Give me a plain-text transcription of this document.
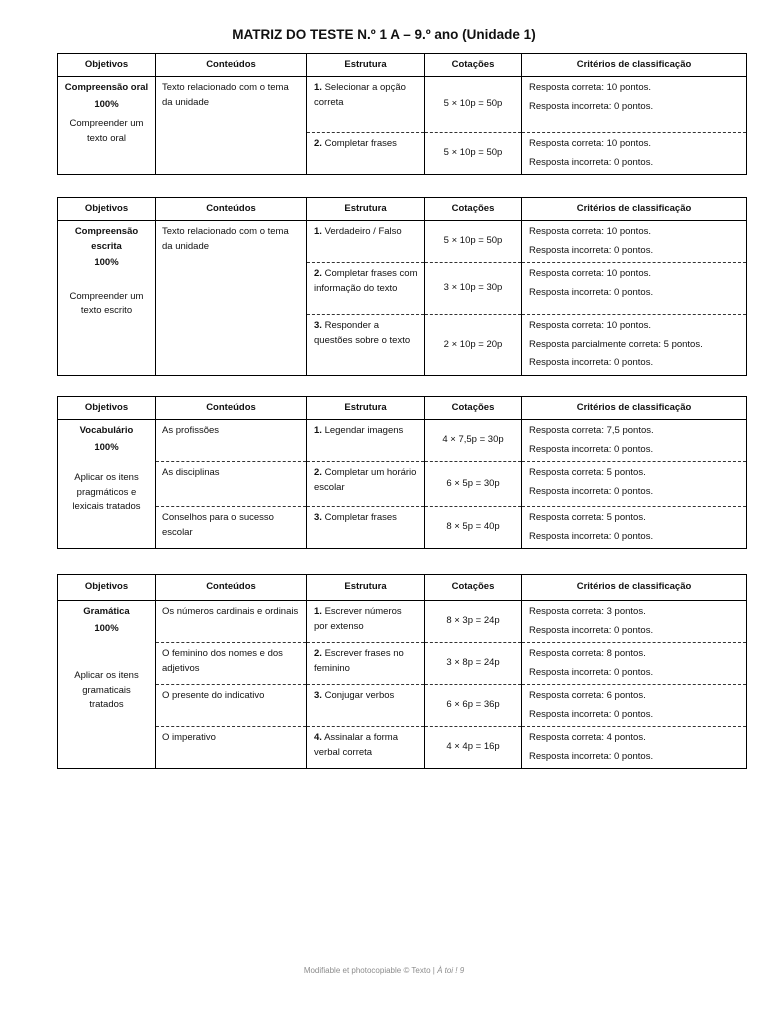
MATRIZ DO TESTE N.º 1 A – 9.º ano (Unidade 1)
Objetivos	Conteúdos	Estrutura	Cotações	Critérios de classificação

Compreensão oral
100%
Compreender um texto oral	Texto relacionado com o tema da unidade	1. Selecionar a opção correta	5 × 10p = 50p	Resposta correta: 10 pontos.
Resposta incorreta: 0 pontos.

		2. Completar frases	5 × 10p = 50p	Resposta correta: 10 pontos.
Resposta incorreta: 0 pontos.
Objetivos	Conteúdos	Estrutura	Cotações	Critérios de classificação

Compreensão escrita
100%
Compreender um texto escrito	Texto relacionado com o tema da unidade	1. Verdadeiro / Falso	5 × 10p = 50p	Resposta correta: 10 pontos.
Resposta incorreta: 0 pontos.

		2. Completar frases com informação do texto	3 × 10p = 30p	Resposta correta: 10 pontos.
Resposta incorreta: 0 pontos.

		3. Responder a questões sobre o texto	2 × 10p = 20p	Resposta correta: 10 pontos.
Resposta parcialmente correta: 5 pontos.
Resposta incorreta: 0 pontos.
Objetivos	Conteúdos	Estrutura	Cotações	Critérios de classificação

Vocabulário
100%
Aplicar os itens pragmáticos e lexicais tratados	As profissões	1. Legendar imagens	4 × 7,5p = 30p	Resposta correta: 7,5 pontos.
Resposta incorreta: 0 pontos.

	As disciplinas	2. Completar um horário escolar	6 × 5p = 30p	Resposta correta: 5 pontos.
Resposta incorreta: 0 pontos.

	Conselhos para o sucesso escolar	3. Completar frases	8 × 5p = 40p	Resposta correta: 5 pontos.
Resposta incorreta: 0 pontos.
Objetivos	Conteúdos	Estrutura	Cotações	Critérios de classificação

Gramática
100%
Aplicar os itens gramaticais tratados	Os números cardinais e ordinais	1. Escrever números por extenso	8 × 3p = 24p	Resposta correta: 3 pontos.
Resposta incorreta: 0 pontos.

	O feminino dos nomes e dos adjetivos	2. Escrever frases no feminino	3 × 8p = 24p	Resposta correta: 8 pontos.
Resposta incorreta: 0 pontos.

	O presente do indicativo	3. Conjugar verbos	6 × 6p = 36p	Resposta correta: 6 pontos.
Resposta incorreta: 0 pontos.

	O imperativo	4. Assinalar a forma verbal correta	4 × 4p = 16p	Resposta correta: 4 pontos.
Resposta incorreta: 0 pontos.
Modifiable et photocopiable © Texto | À toi ! 9
